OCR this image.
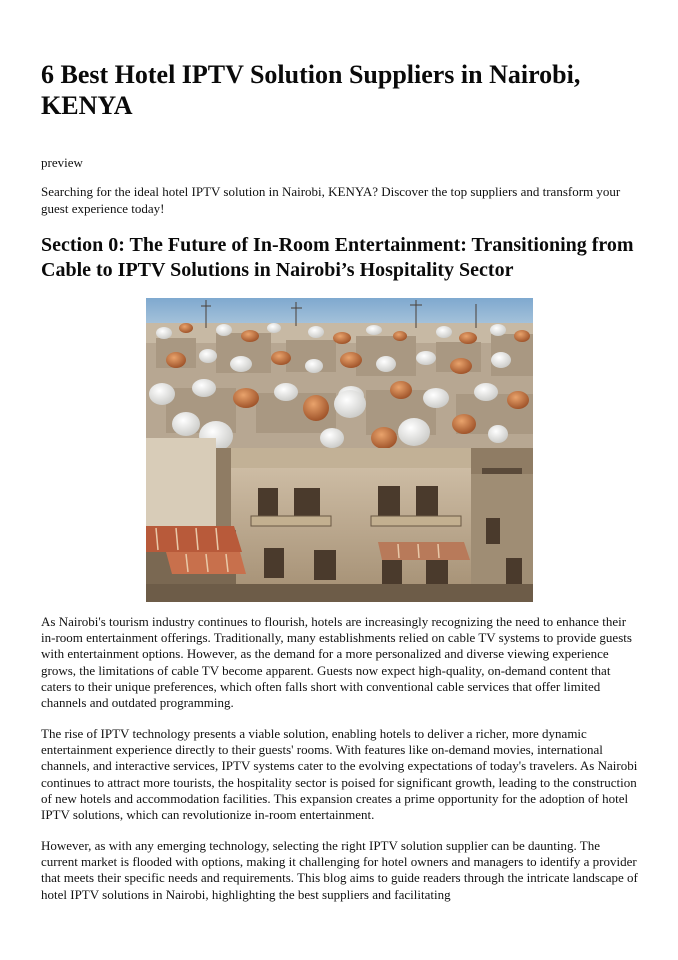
6 Best Hotel IPTV Solution Suppliers in Nairobi, KENYA

preview

Searching for the ideal hotel IPTV solution in Nairobi, KENYA? Discover the top suppliers and transform your guest experience today!

Section 0: The Future of In-Room Entertainment: Transitioning from Cable to IPTV Solutions in Nairobi’s Hospitality Sector

As Nairobi's tourism industry continues to flourish, hotels are increasingly recognizing the need to enhance their in-room entertainment offerings. Traditionally, many establishments relied on cable TV systems to provide guests with entertainment options. However, as the demand for a more personalized and diverse viewing experience grows, the limitations of cable TV become apparent. Guests now expect high-quality, on-demand content that caters to their unique preferences, which often falls short with conventional cable services that offer limited channels and outdated programming.

The rise of IPTV technology presents a viable solution, enabling hotels to deliver a richer, more dynamic entertainment experience directly to their guests' rooms. With features like on-demand movies, international channels, and interactive services, IPTV systems cater to the evolving expectations of today's travelers. As Nairobi continues to attract more tourists, the hospitality sector is poised for significant growth, leading to the construction of new hotels and accommodation facilities. This expansion creates a prime opportunity for the adoption of hotel IPTV solutions, which can revolutionize in-room entertainment.

However, as with any emerging technology, selecting the right IPTV solution supplier can be daunting. The current market is flooded with options, making it challenging for hotel owners and managers to identify a provider that meets their specific needs and requirements. This blog aims to guide readers through the intricate landscape of hotel IPTV solutions in Nairobi, highlighting the best suppliers and facilitating
